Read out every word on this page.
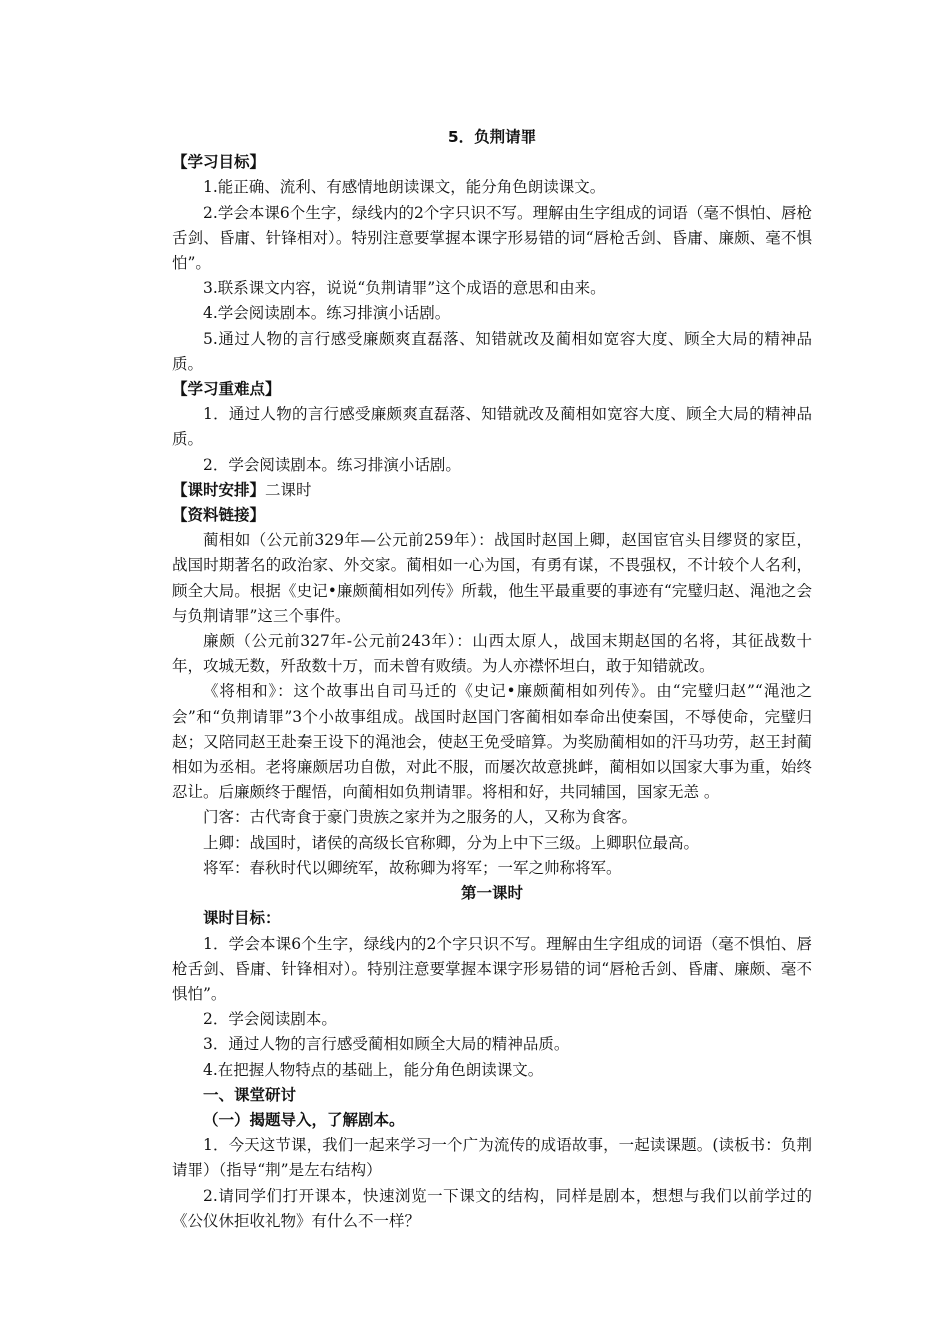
5．负荆请罪

【学习目标】

1.能正确、流利、有感情地朗读课文，能分角色朗读课文。

2.学会本课6个生字，绿线内的2个字只识不写。理解由生字组成的词语（毫不惧怕、唇枪舌剑、昏庸、针锋相对）。特别注意要掌握本课字形易错的词“唇枪舌剑、昏庸、廉颇、毫不惧怕”。

3.联系课文内容，说说“负荆请罪”这个成语的意思和由来。

4.学会阅读剧本。练习排演小话剧。

5.通过人物的言行感受廉颇爽直磊落、知错就改及蔺相如宽容大度、顾全大局的精神品质。

【学习重难点】

1．通过人物的言行感受廉颇爽直磊落、知错就改及蔺相如宽容大度、顾全大局的精神品质。

2．学会阅读剧本。练习排演小话剧。

【课时安排】二课时

【资料链接】

蔺相如（公元前329年—公元前259年）：战国时赵国上卿，赵国宦官头目缪贤的家臣，战国时期著名的政治家、外交家。蔺相如一心为国，有勇有谋，不畏强权，不计较个人名利，顾全大局。根据《史记•廉颇蔺相如列传》所载，他生平最重要的事迹有“完璧归赵、渑池之会与负荆请罪”这三个事件。

廉颇（公元前327年-公元前243年）：山西太原人，战国末期赵国的名将，其征战数十年，攻城无数，歼敌数十万，而未曾有败绩。为人亦襟怀坦白，敢于知错就改。

《将相和》：这个故事出自司马迁的《史记•廉颇蔺相如列传》。由“完璧归赵”“渑池之会”和“负荆请罪”3个小故事组成。战国时赵国门客蔺相如奉命出使秦国，不辱使命，完璧归赵；又陪同赵王赴秦王设下的渑池会，使赵王免受暗算。为奖励蔺相如的汗马功劳，赵王封蔺相如为丞相。老将廉颇居功自傲，对此不服，而屡次故意挑衅，蔺相如以国家大事为重，始终忍让。后廉颇终于醒悟，向蔺相如负荆请罪。将相和好，共同辅国，国家无恙 。

门客：古代寄食于豪门贵族之家并为之服务的人，又称为食客。

上卿：战国时，诸侯的高级长官称卿，分为上中下三级。上卿职位最高。

将军：春秋时代以卿统军，故称卿为将军；一军之帅称将军。

第一课时

课时目标：

1．学会本课6个生字，绿线内的2个字只识不写。理解由生字组成的词语（毫不惧怕、唇枪舌剑、昏庸、针锋相对）。特别注意要掌握本课字形易错的词“唇枪舌剑、昏庸、廉颇、毫不惧怕”。

2．学会阅读剧本。

3．通过人物的言行感受蔺相如顾全大局的精神品质。

4.在把握人物特点的基础上，能分角色朗读课文。

一、课堂研讨

（一）揭题导入，了解剧本。

1．今天这节课，我们一起来学习一个广为流传的成语故事，一起读课题。(读板书：负荆请罪）（指导“荆”是左右结构）

2.请同学们打开课本，快速浏览一下课文的结构，同样是剧本，想想与我们以前学过的《公仪休拒收礼物》有什么不一样？
